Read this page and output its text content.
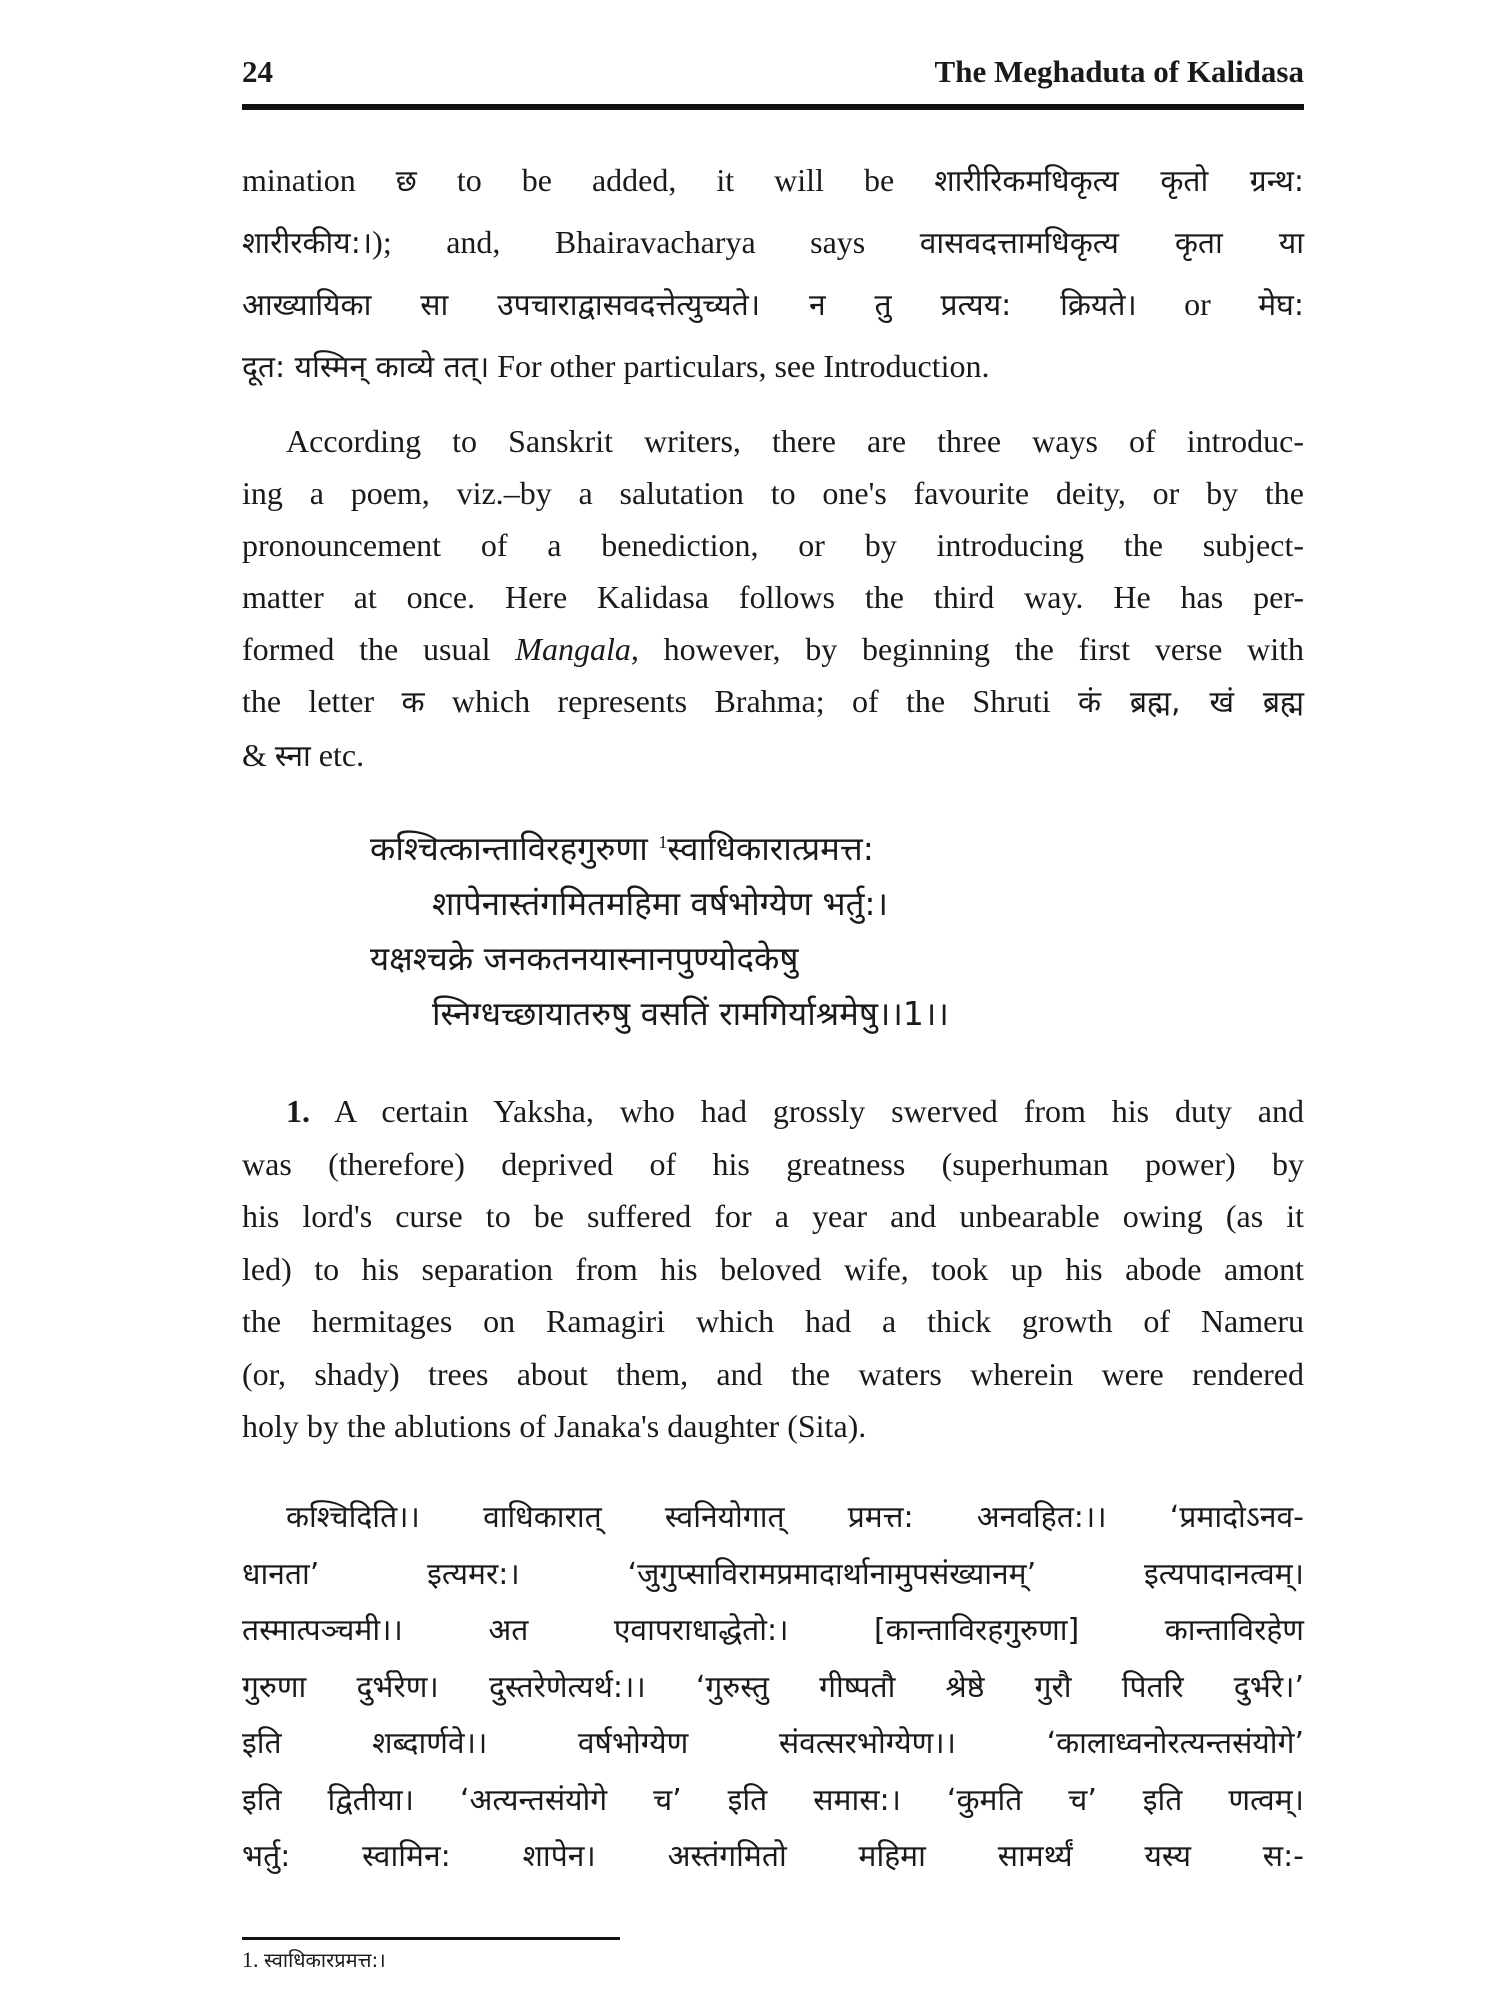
24	The Meghaduta of Kalidasa
mination छ to be added, it will be शारीरिकमधिकृत्य कृतो ग्रन्थ:
शारीरकीय:।); and, Bhairavacharya says वासवदत्तामधिकृत्य कृता या
आख्यायिका सा उपचाराद्वासवदत्तेत्युच्यते। न तु प्रत्यय: क्रियते। or मेघ:
दूत: यस्मिन् काव्ये तत्। For other particulars, see Introduction.
According to Sanskrit writers, there are three ways of introduc-
ing a poem, viz.–by a salutation to one's favourite deity, or by the
pronouncement of a benediction, or by introducing the subject-
matter at once. Here Kalidasa follows the third way. He has per-
formed the usual Mangala, however, by beginning the first verse with
the letter क which represents Brahma; of the Shruti कं ब्रह्म, खं ब्रह्म
& स्ना etc.
कश्चित्कान्ताविरहगुरुणा $^1$स्वाधिकारात्प्रमत्त:
शापेनास्तंगमितमहिमा वर्षभोग्येण भर्तु:।
यक्षश्चक्रे जनकतनयास्नानपुण्योदकेषु
स्निग्धच्छायातरुषु वसतिं रामगिर्याश्रमेषु।।1।।
1. A certain Yaksha, who had grossly swerved from his duty and
was (therefore) deprived of his greatness (superhuman power) by
his lord's curse to be suffered for a year and unbearable owing (as it
led) to his separation from his beloved wife, took up his abode amont
the hermitages on Ramagiri which had a thick growth of Nameru
(or, shady) trees about them, and the waters wherein were rendered
holy by the ablutions of Janaka's daughter (Sita).
कश्चिदिति।। वाधिकारात् स्वनियोगात् प्रमत्त: अनवहित:।। ‘प्रमादोऽनव-
धानता’ इत्यमर:। ‘जुगुप्साविरामप्रमादार्थानामुपसंख्यानम्’ इत्यपादानत्वम्।
तस्मात्पञ्चमी।। अत एवापराधाद्धेतो:। [कान्ताविरहगुरुणा] कान्ताविरहेण
गुरुणा दुर्भरेण। दुस्तरेणेत्यर्थ:।। ‘गुरुस्तु गीष्पतौ श्रेष्ठे गुरौ पितरि दुर्भरे।’
इति शब्दार्णवे।। वर्षभोग्येण संवत्सरभोग्येण।। ‘कालाध्वनोरत्यन्तसंयोगे’
इति द्वितीया। ‘अत्यन्तसंयोगे च’ इति समास:। ‘कुमति च’ इति णत्वम्।
भर्तु: स्वामिन: शापेन। अस्तंगमितो महिमा सामर्थ्यं यस्य स:-
1. स्वाधिकारप्रमत्त:।
